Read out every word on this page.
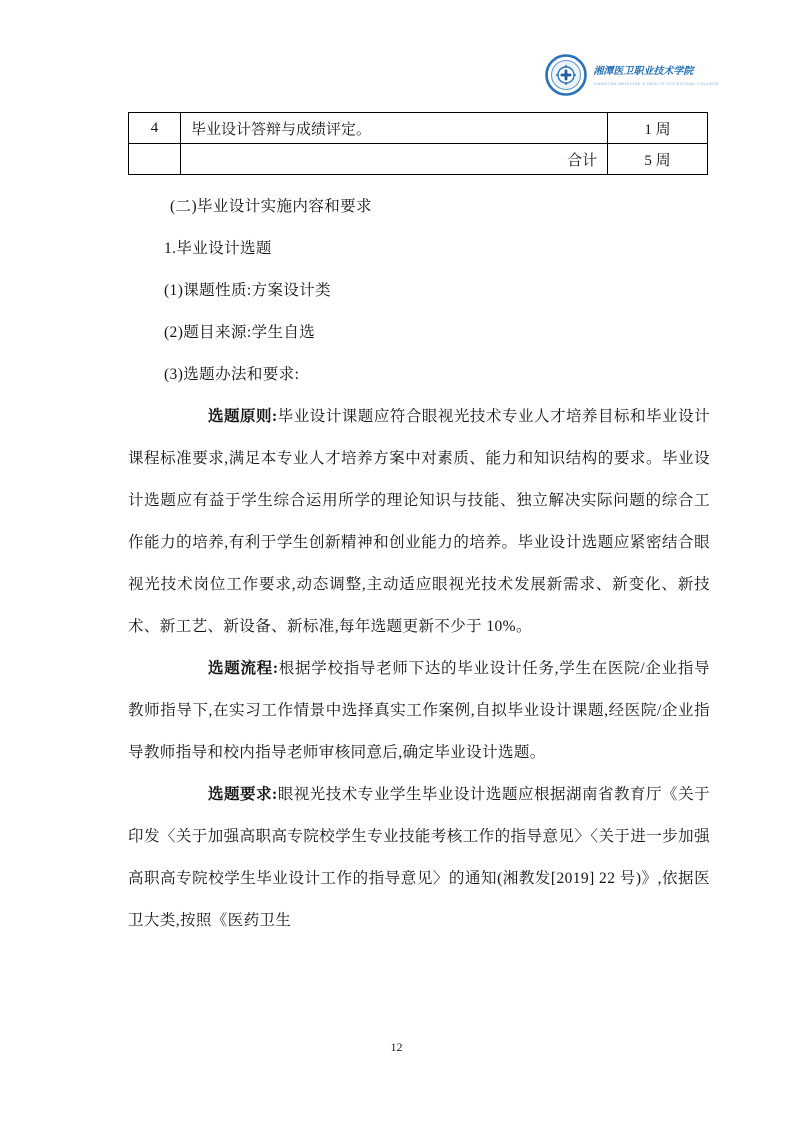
湘潭医卫职业技术学院
XIANGTAN MEDICINE & HEALTH VOCATIONAL COLLEGE
4	毕业设计答辩与成绩评定。	1 周
	合计	5 周
(二)毕业设计实施内容和要求
1.毕业设计选题
(1)课题性质:方案设计类
(2)题目来源:学生自选
(3)选题办法和要求:

选题原则:毕业设计课题应符合眼视光技术专业人才培养目标和毕业设计课程标准要求,满足本专业人才培养方案中对素质、能力和知识结构的要求。毕业设计选题应有益于学生综合运用所学的理论知识与技能、独立解决实际问题的综合工作能力的培养,有利于学生创新精神和创业能力的培养。毕业设计选题应紧密结合眼视光技术岗位工作要求,动态调整,主动适应眼视光技术发展新需求、新变化、新技术、新工艺、新设备、新标准,每年选题更新不少于 10%。

选题流程:根据学校指导老师下达的毕业设计任务,学生在医院/企业指导教师指导下,在实习工作情景中选择真实工作案例,自拟毕业设计课题,经医院/企业指导教师指导和校内指导老师审核同意后,确定毕业设计选题。

选题要求:眼视光技术专业学生毕业设计选题应根据湖南省教育厅《关于印发〈关于加强高职高专院校学生专业技能考核工作的指导意见〉〈关于进一步加强高职高专院校学生毕业设计工作的指导意见〉的通知(湘教发[2019] 22 号)》,依据医卫大类,按照《医药卫生

12
